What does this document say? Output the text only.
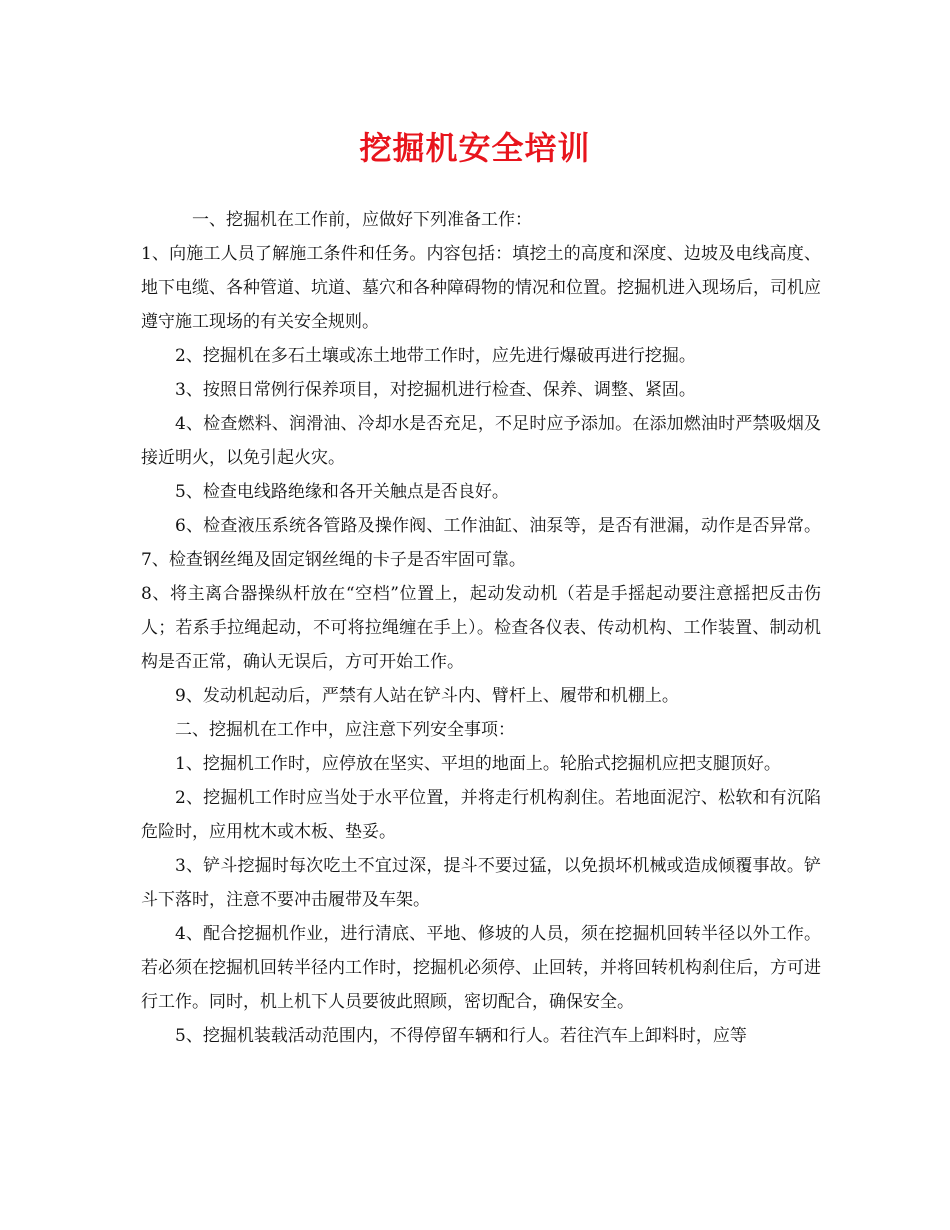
挖掘机安全培训

一、挖掘机在工作前，应做好下列准备工作：

1、向施工人员了解施工条件和任务。内容包括：填挖土的高度和深度、边坡及电线高度、地下电缆、各种管道、坑道、墓穴和各种障碍物的情况和位置。挖掘机进入现场后，司机应遵守施工现场的有关安全规则。

2、挖掘机在多石土壤或冻土地带工作时，应先进行爆破再进行挖掘。

3、按照日常例行保养项目，对挖掘机进行检查、保养、调整、紧固。

4、检查燃料、润滑油、冷却水是否充足，不足时应予添加。在添加燃油时严禁吸烟及接近明火，以免引起火灾。

5、检查电线路绝缘和各开关触点是否良好。

6、检查液压系统各管路及操作阀、工作油缸、油泵等，是否有泄漏，动作是否异常。7、检查钢丝绳及固定钢丝绳的卡子是否牢固可靠。

8、将主离合器操纵杆放在“空档”位置上，起动发动机（若是手摇起动要注意摇把反击伤人；若系手拉绳起动，不可将拉绳缠在手上）。检查各仪表、传动机构、工作装置、制动机构是否正常，确认无误后，方可开始工作。

9、发动机起动后，严禁有人站在铲斗内、臂杆上、履带和机棚上。

二、挖掘机在工作中，应注意下列安全事项：

1、挖掘机工作时，应停放在坚实、平坦的地面上。轮胎式挖掘机应把支腿顶好。

2、挖掘机工作时应当处于水平位置，并将走行机构刹住。若地面泥泞、松软和有沉陷危险时，应用枕木或木板、垫妥。

3、铲斗挖掘时每次吃土不宜过深，提斗不要过猛，以免损坏机械或造成倾覆事故。铲斗下落时，注意不要冲击履带及车架。

4、配合挖掘机作业，进行清底、平地、修坡的人员，须在挖掘机回转半径以外工作。若必须在挖掘机回转半径内工作时，挖掘机必须停、止回转，并将回转机构刹住后，方可进行工作。同时，机上机下人员要彼此照顾，密切配合，确保安全。

5、挖掘机装载活动范围内，不得停留车辆和行人。若往汽车上卸料时，应等
